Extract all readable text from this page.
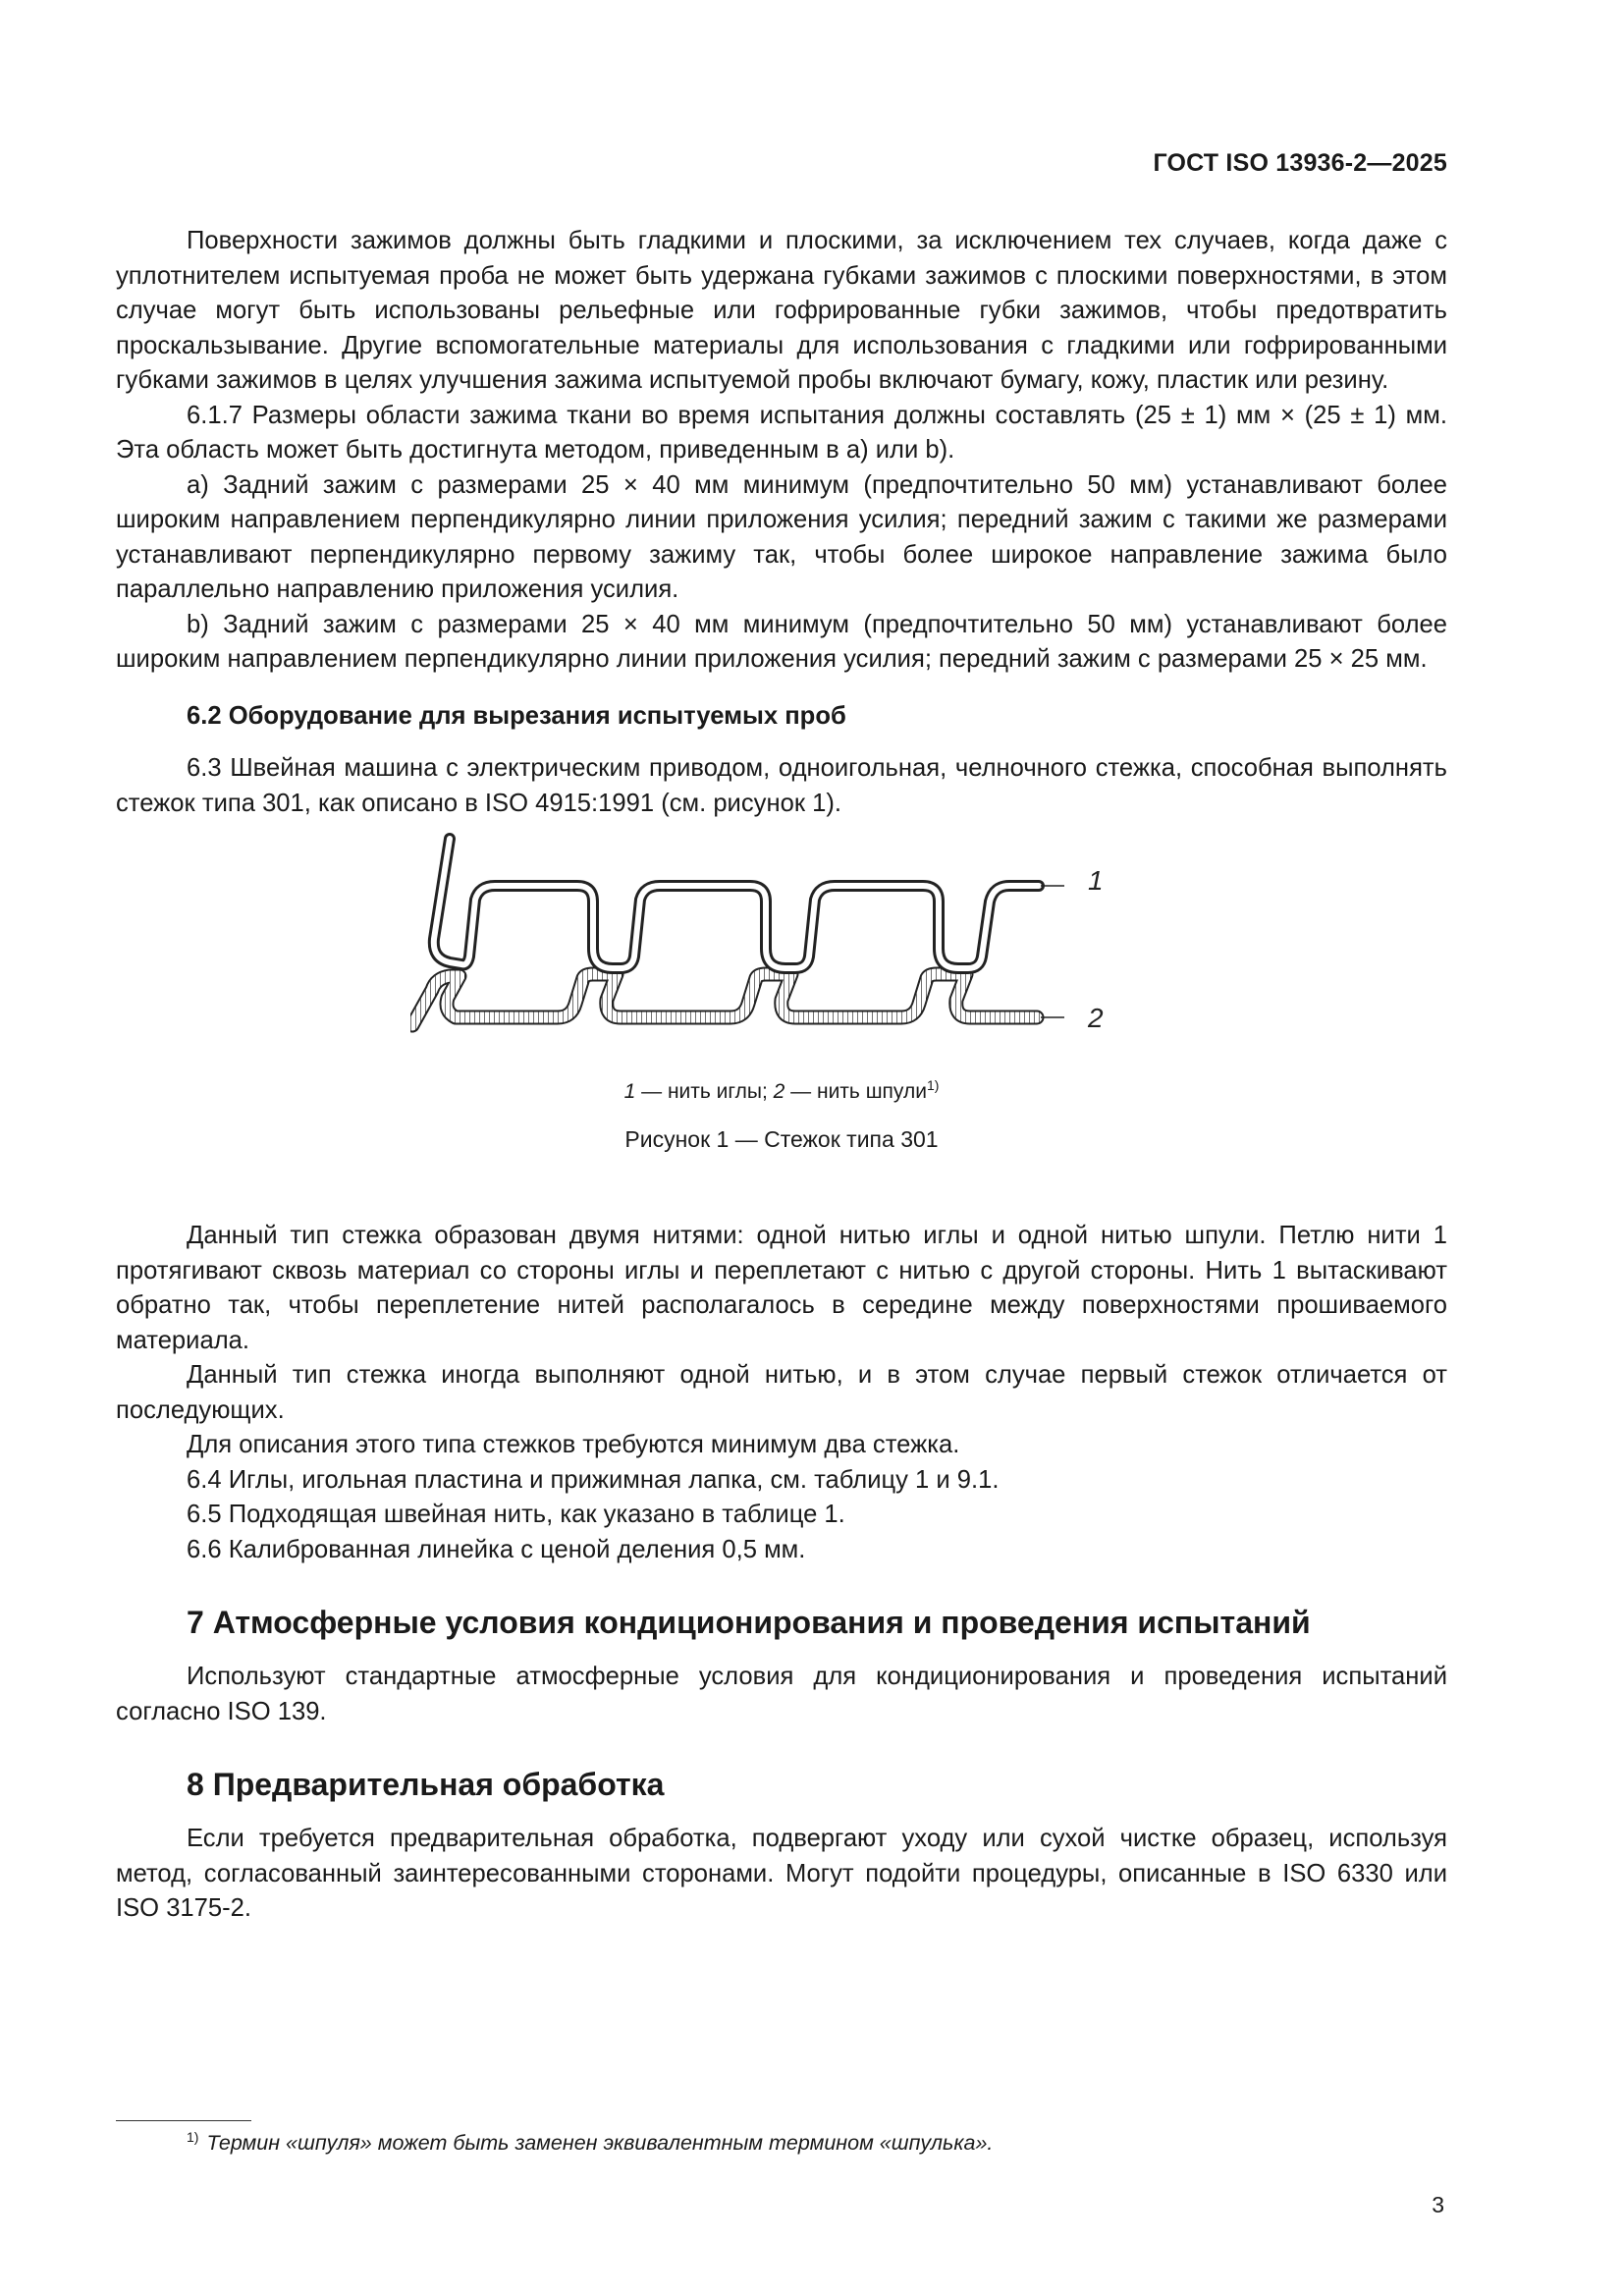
ГОСТ ISO 13936-2—2025

Поверхности зажимов должны быть гладкими и плоскими, за исключением тех случаев, когда даже с уплотнителем испытуемая проба не может быть удержана губками зажимов с плоскими поверхностями, в этом случае могут быть использованы рельефные или гофрированные губки зажимов, чтобы предотвратить проскальзывание. Другие вспомогательные материалы для использования с гладкими или гофрированными губками зажимов в целях улучшения зажима испытуемой пробы включают бумагу, кожу, пластик или резину.

6.1.7 Размеры области зажима ткани во время испытания должны составлять (25 ± 1) мм × (25 ± 1) мм. Эта область может быть достигнута методом, приведенным в a) или b).

a) Задний зажим с размерами 25 × 40 мм минимум (предпочтительно 50 мм) устанавливают более широким направлением перпендикулярно линии приложения усилия; передний зажим с такими же размерами устанавливают перпендикулярно первому зажиму так, чтобы более широкое направление зажима было параллельно направлению приложения усилия.

b) Задний зажим с размерами 25 × 40 мм минимум (предпочтительно 50 мм) устанавливают более широким направлением перпендикулярно линии приложения усилия; передний зажим с размерами 25 × 25 мм.

6.2 Оборудование для вырезания испытуемых проб

6.3 Швейная машина с электрическим приводом, одноигольная, челночного стежка, способная выполнять стежок типа 301, как описано в ISO 4915:1991 (см. рисунок 1).

1
2
1 — нить иглы; 2 — нить шпули$^{1)}$
Рисунок 1 — Стежок типа 301

Данный тип стежка образован двумя нитями: одной нитью иглы и одной нитью шпули. Петлю нити 1 протягивают сквозь материал со стороны иглы и переплетают с нитью с другой стороны. Нить 1 вытаскивают обратно так, чтобы переплетение нитей располагалось в середине между поверхностями прошиваемого материала.

Данный тип стежка иногда выполняют одной нитью, и в этом случае первый стежок отличается от последующих.

Для описания этого типа стежков требуются минимум два стежка.

6.4 Иглы, игольная пластина и прижимная лапка, см. таблицу 1 и 9.1.

6.5 Подходящая швейная нить, как указано в таблице 1.

6.6 Калиброванная линейка с ценой деления 0,5 мм.

7 Атмосферные условия кондиционирования и проведения испытаний

Используют стандартные атмосферные условия для кондиционирования и проведения испытаний согласно ISO 139.

8 Предварительная обработка

Если требуется предварительная обработка, подвергают уходу или сухой чистке образец, используя метод, согласованный заинтересованными сторонами. Могут подойти процедуры, описанные в ISO 6330 или ISO 3175-2.

$^{1)}$ Термин «шпуля» может быть заменен эквивалентным термином «шпулька».
3
